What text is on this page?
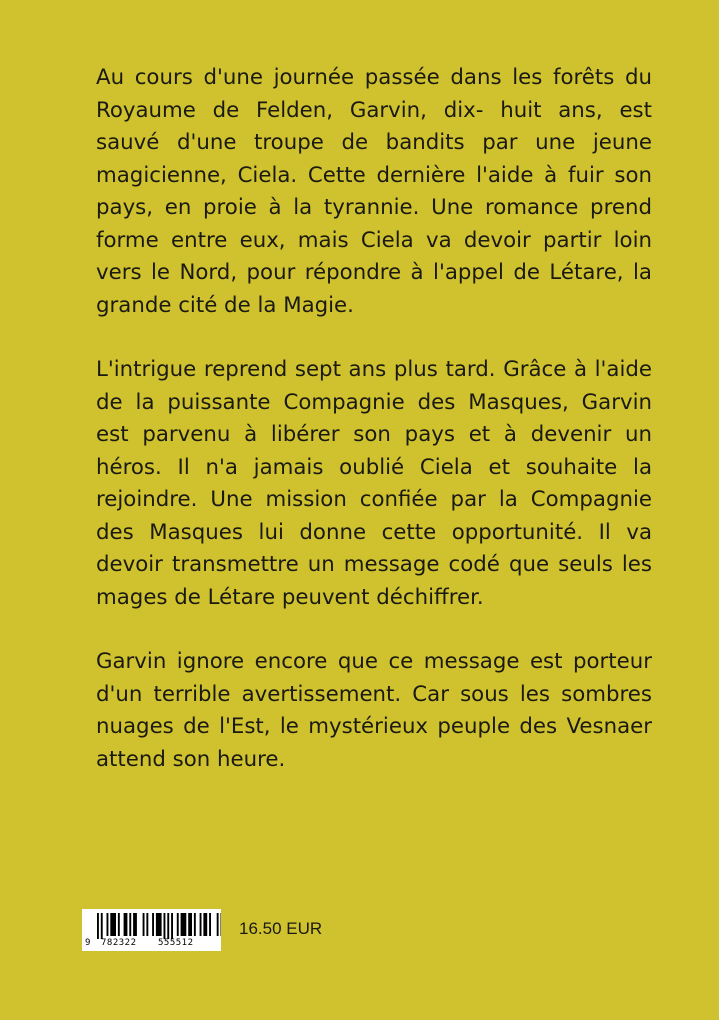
Au cours d'une journée passée dans les forêts du Royaume de Felden, Garvin, dix- huit ans, est sauvé d'une troupe de bandits par une jeune magicienne, Ciela. Cette dernière l'aide à fuir son pays, en proie à la tyrannie. Une romance prend forme entre eux, mais Ciela va devoir partir loin vers le Nord, pour répondre à l'appel de Létare, la grande cité de la Magie.

L'intrigue reprend sept ans plus tard. Grâce à l'aide de la puissante Compagnie des Masques, Garvin est parvenu à libérer son pays et à devenir un héros. Il n'a jamais oublié Ciela et souhaite la rejoindre. Une mission confiée par la Compagnie des Masques lui donne cette opportunité. Il va devoir transmettre un message codé que seuls les mages de Létare peuvent déchiffrer.

Garvin ignore encore que ce message est porteur d'un terrible avertissement. Car sous les sombres nuages de l'Est, le mystérieux peuple des Vesnaer attend son heure.

9 782322 555512
16.50 EUR
